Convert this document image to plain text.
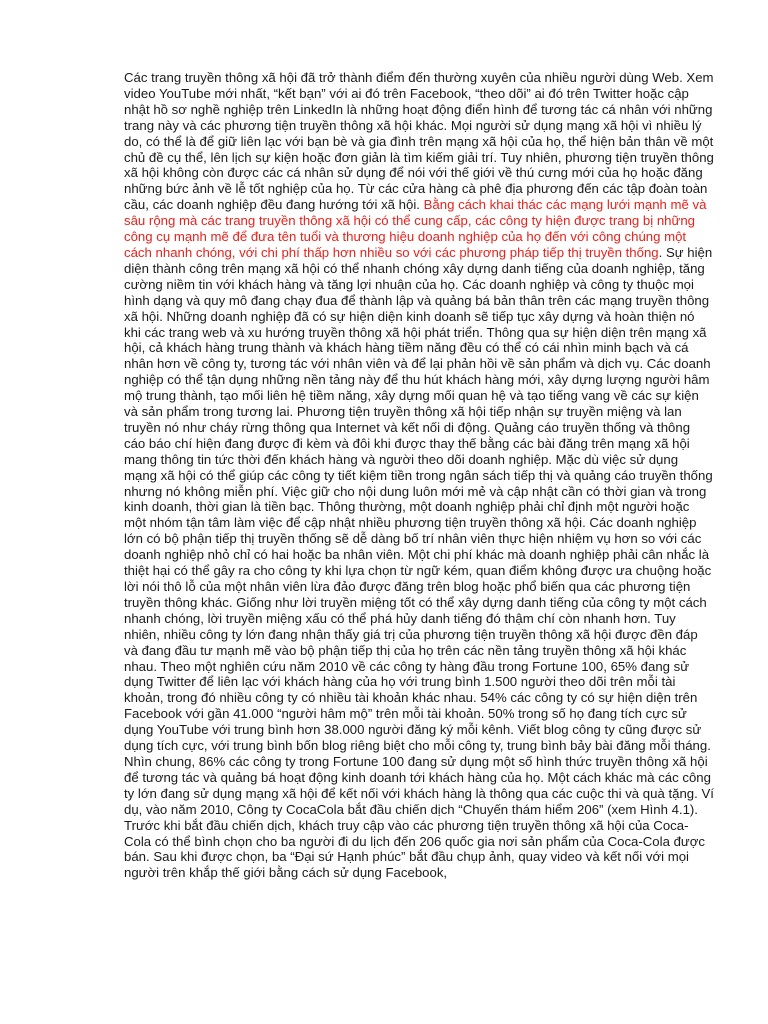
Các trang truyền thông xã hội đã trở thành điểm đến thường xuyên của nhiều người dùng Web. Xem video YouTube mới nhất, “kết bạn” với ai đó trên Facebook, “theo dõi” ai đó trên Twitter hoặc cập nhật hồ sơ nghề nghiệp trên LinkedIn là những hoạt động điển hình để tương tác cá nhân với những trang này và các phương tiện truyền thông xã hội khác. Mọi người sử dụng mạng xã hội vì nhiều lý do, có thể là để giữ liên lạc với bạn bè và gia đình trên mạng xã hội của họ, thể hiện bản thân về một chủ đề cụ thể, lên lịch sự kiện hoặc đơn giản là tìm kiếm giải trí. Tuy nhiên, phương tiện truyền thông xã hội không còn được các cá nhân sử dụng để nói với thế giới về thú cưng mới của họ hoặc đăng những bức ảnh về lễ tốt nghiệp của họ. Từ các cửa hàng cà phê địa phương đến các tập đoàn toàn cầu, các doanh nghiệp đều đang hướng tới xã hội. Bằng cách khai thác các mạng lưới mạnh mẽ và sâu rộng mà các trang truyền thông xã hội có thể cung cấp, các công ty hiện được trang bị những công cụ mạnh mẽ để đưa tên tuổi và thương hiệu doanh nghiệp của họ đến với công chúng một cách nhanh chóng, với chi phí thấp hơn nhiều so với các phương pháp tiếp thị truyền thống. Sự hiện diện thành công trên mạng xã hội có thể nhanh chóng xây dựng danh tiếng của doanh nghiệp, tăng cường niềm tin với khách hàng và tăng lợi nhuận của họ. Các doanh nghiệp và công ty thuộc mọi hình dạng và quy mô đang chạy đua để thành lập và quảng bá bản thân trên các mạng truyền thông xã hội. Những doanh nghiệp đã có sự hiện diện kinh doanh sẽ tiếp tục xây dựng và hoàn thiện nó khi các trang web và xu hướng truyền thông xã hội phát triển. Thông qua sự hiện diện trên mạng xã hội, cả khách hàng trung thành và khách hàng tiềm năng đều có thể có cái nhìn minh bạch và cá nhân hơn về công ty, tương tác với nhân viên và để lại phản hồi về sản phẩm và dịch vụ. Các doanh nghiệp có thể tận dụng những nền tảng này để thu hút khách hàng mới, xây dựng lượng người hâm mộ trung thành, tạo mối liên hệ tiềm năng, xây dựng mối quan hệ và tạo tiếng vang về các sự kiện và sản phẩm trong tương lai. Phương tiện truyền thông xã hội tiếp nhận sự truyền miệng và lan truyền nó như cháy rừng thông qua Internet và kết nối di động. Quảng cáo truyền thống và thông cáo báo chí hiện đang được đi kèm và đôi khi được thay thế bằng các bài đăng trên mạng xã hội mang thông tin tức thời đến khách hàng và người theo dõi doanh nghiệp. Mặc dù việc sử dụng mạng xã hội có thể giúp các công ty tiết kiệm tiền trong ngân sách tiếp thị và quảng cáo truyền thống nhưng nó không miễn phí. Việc giữ cho nội dung luôn mới mẻ và cập nhật cần có thời gian và trong kinh doanh, thời gian là tiền bạc. Thông thường, một doanh nghiệp phải chỉ định một người hoặc một nhóm tận tâm làm việc để cập nhật nhiều phương tiện truyền thông xã hội. Các doanh nghiệp lớn có bộ phận tiếp thị truyền thống sẽ dễ dàng bố trí nhân viên thực hiện nhiệm vụ hơn so với các doanh nghiệp nhỏ chỉ có hai hoặc ba nhân viên. Một chi phí khác mà doanh nghiệp phải cân nhắc là thiệt hại có thể gây ra cho công ty khi lựa chọn từ ngữ kém, quan điểm không được ưa chuộng hoặc lời nói thô lỗ của một nhân viên lừa đảo được đăng trên blog hoặc phổ biến qua các phương tiện truyền thông khác. Giống như lời truyền miệng tốt có thể xây dựng danh tiếng của công ty một cách nhanh chóng, lời truyền miệng xấu có thể phá hủy danh tiếng đó thậm chí còn nhanh hơn. Tuy nhiên, nhiều công ty lớn đang nhận thấy giá trị của phương tiện truyền thông xã hội được đền đáp và đang đầu tư mạnh mẽ vào bộ phận tiếp thị của họ trên các nền tảng truyền thông xã hội khác nhau. Theo một nghiên cứu năm 2010 về các công ty hàng đầu trong Fortune 100, 65% đang sử dụng Twitter để liên lạc với khách hàng của họ với trung bình 1.500 người theo dõi trên mỗi tài khoản, trong đó nhiều công ty có nhiều tài khoản khác nhau. 54% các công ty có sự hiện diện trên Facebook với gần 41.000 “người hâm mộ” trên mỗi tài khoản. 50% trong số họ đang tích cực sử dụng YouTube với trung bình hơn 38.000 người đăng ký mỗi kênh. Viết blog công ty cũng được sử dụng tích cực, với trung bình bốn blog riêng biệt cho mỗi công ty, trung bình bảy bài đăng mỗi tháng. Nhìn chung, 86% các công ty trong Fortune 100 đang sử dụng một số hình thức truyền thông xã hội để tương tác và quảng bá hoạt động kinh doanh tới khách hàng của họ. Một cách khác mà các công ty lớn đang sử dụng mạng xã hội để kết nối với khách hàng là thông qua các cuộc thi và quà tặng. Ví dụ, vào năm 2010, Công ty CocaCola bắt đầu chiến dịch “Chuyến thám hiểm 206” (xem Hình 4.1). Trước khi bắt đầu chiến dịch, khách truy cập vào các phương tiện truyền thông xã hội của Coca-Cola có thể bình chọn cho ba người đi du lịch đến 206 quốc gia nơi sản phẩm của Coca-Cola được bán. Sau khi được chọn, ba “Đại sứ Hạnh phúc” bắt đầu chụp ảnh, quay video và kết nối với mọi người trên khắp thế giới bằng cách sử dụng Facebook,
